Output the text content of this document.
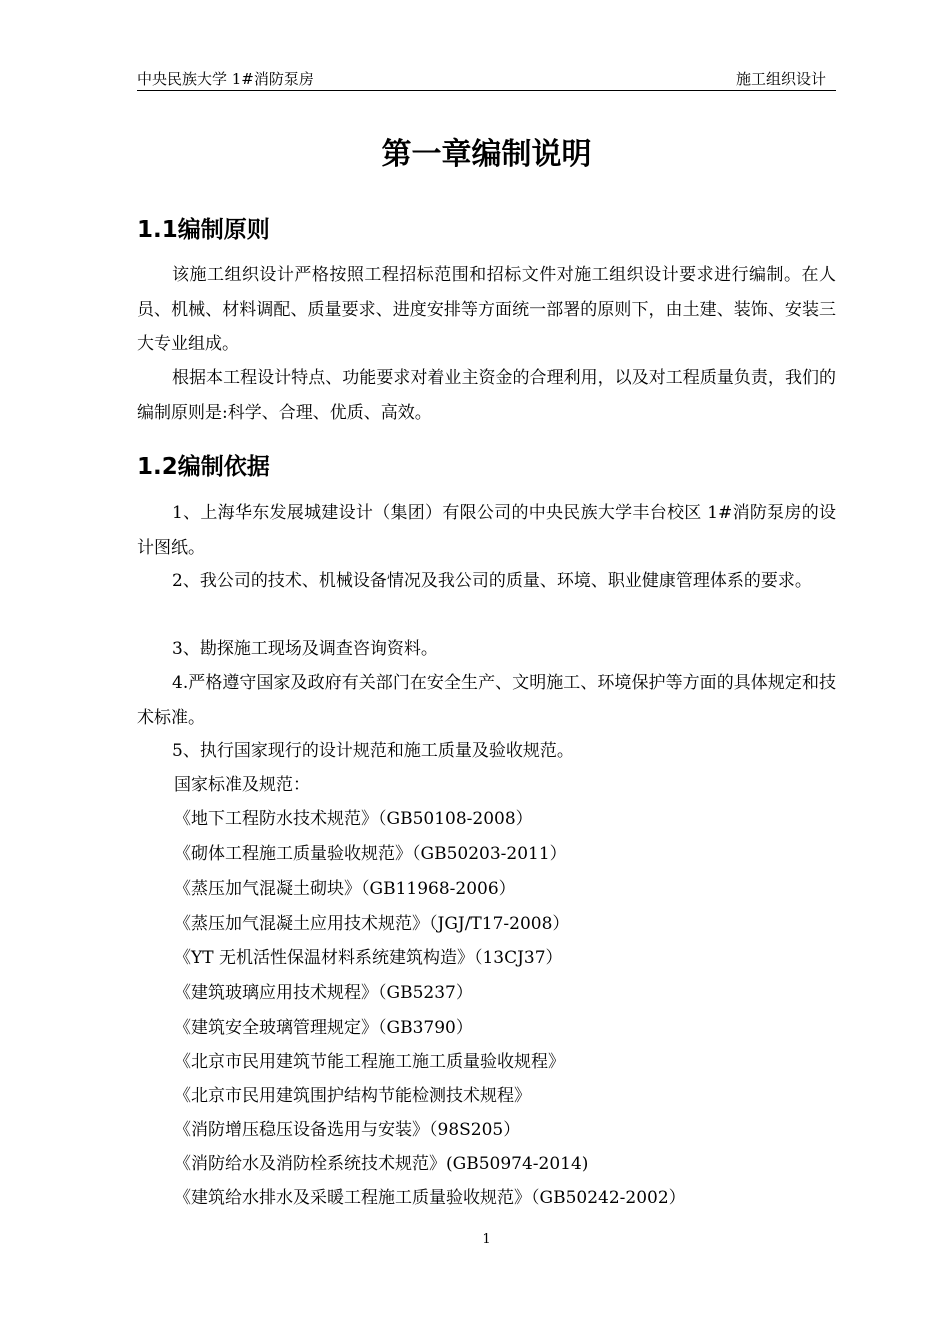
中央民族大学 1#消防泵房	施工组织设计
第一章编制说明
1.1编制原则
该施工组织设计严格按照工程招标范围和招标文件对施工组织设计要求进行编制。在人员、机械、材料调配、质量要求、进度安排等方面统一部署的原则下，由土建、装饰、安装三大专业组成。
根据本工程设计特点、功能要求对着业主资金的合理利用，以及对工程质量负责，我们的编制原则是:科学、合理、优质、高效。
1.2编制依据
1、上海华东发展城建设计（集团）有限公司的中央民族大学丰台校区 1#消防泵房的设计图纸。
2、我公司的技术、机械设备情况及我公司的质量、环境、职业健康管理体系的要求。
3、勘探施工现场及调查咨询资料。
4.严格遵守国家及政府有关部门在安全生产、文明施工、环境保护等方面的具体规定和技术标准。
5、执行国家现行的设计规范和施工质量及验收规范。
国家标准及规范：
《地下工程防水技术规范》（GB50108-2008）
《砌体工程施工质量验收规范》（GB50203-2011）
《蒸压加气混凝土砌块》（GB11968-2006）
《蒸压加气混凝土应用技术规范》（JGJ/T17-2008）
《YT 无机活性保温材料系统建筑构造》（13CJ37）
《建筑玻璃应用技术规程》（GB5237）
《建筑安全玻璃管理规定》（GB3790）
《北京市民用建筑节能工程施工施工质量验收规程》
《北京市民用建筑围护结构节能检测技术规程》
《消防增压稳压设备选用与安装》（98S205）
《消防给水及消防栓系统技术规范》(GB50974-2014)
《建筑给水排水及采暖工程施工质量验收规范》（GB50242-2002）
1
